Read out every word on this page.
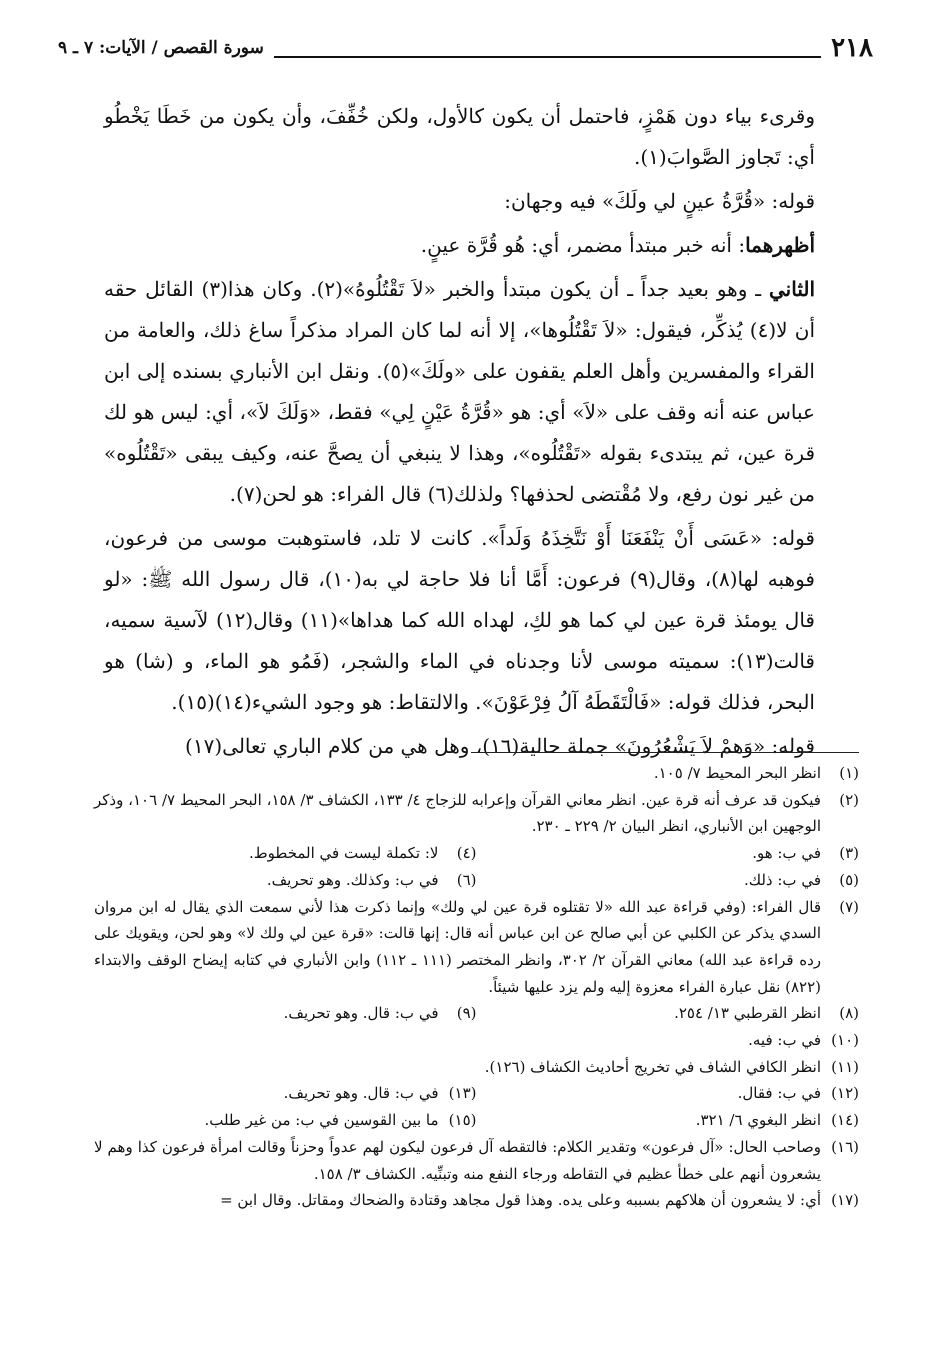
٢١٨
سورة القصص / الآيات: ٧ ـ ٩

وقرىء بياء دون هَمْزٍ، فاحتمل أن يكون كالأول، ولكن خُفِّفَ، وأن يكون من خَطَا يَخْطُو أي: تَجاوز الصَّوابَ(١).

قوله: «قُرَّةُ عينٍ لي ولَكَ» فيه وجهان:

أظهرهما: أنه خبر مبتدأ مضمر، أي: هُو قُرَّة عينٍ.

الثاني ـ وهو بعيد جداً ـ أن يكون مبتدأ والخبر «لاَ تَقْتُلُوهُ»(٢). وكان هذا(٣) القائل حقه أن لا(٤) يُذكِّر، فيقول: «لاَ تَقْتُلُوها»، إلا أنه لما كان المراد مذكراً ساغ ذلك، والعامة من القراء والمفسرين وأهل العلم يقفون على «ولَكَ»(٥). ونقل ابن الأنباري بسنده إلى ابن عباس عنه أنه وقف على «لاَ» أي: هو «قُرَّةُ عَيْنٍ لِي» فقط، «وَلَكَ لاَ»، أي: ليس هو لك قرة عين، ثم يبتدىء بقوله «تَقْتُلُوه»، وهذا لا ينبغي أن يصحَّ عنه، وكيف يبقى «تَقْتُلُوه» من غير نون رفع، ولا مُقْتضى لحذفها؟ ولذلك(٦) قال الفراء: هو لحن(٧).

قوله: «عَسَى أَنْ يَنْفَعَنَا أَوْ نَتَّخِذَهُ وَلَداً». كانت لا تلد، فاستوهبت موسى من فرعون، فوهبه لها(٨)، وقال(٩) فرعون: أَمَّا أنا فلا حاجة لي به(١٠)، قال رسول الله ﷺ: «لو قال يومئذ قرة عين لي كما هو لكِ، لهداه الله كما هداها»(١١) وقال(١٢) لآسية سميه، قالت(١٣): سميته موسى لأنا وجدناه في الماء والشجر، (فَمُو هو الماء، و (شا) هو البحر، فذلك قوله: «فَالْتَقَطَهُ آلُ فِرْعَوْنَ». والالتقاط: هو وجود الشيء(١٤)(١٥).

قوله: «وَهمْ لاَ يَشْعُرُونَ» جملة حالية(١٦)، وهل هي من كلام الباري تعالى(١٧)

(١)
انظر البحر المحيط ٧/ ١٠٥.
(٢)
فيكون قد عرف أنه قرة عين. انظر معاني القرآن وإعرابه للزجاج ٤/ ١٣٣، الكشاف ٣/ ١٥٨، البحر المحيط ٧/ ١٠٦، وذكر الوجهين ابن الأنباري، انظر البيان ٢/ ٢٢٩ ـ ٢٣٠.
(٣)
في ب: هو.
(٤)
لا: تكملة ليست في المخطوط.
(٥)
في ب: ذلك.
(٦)
في ب: وكذلك. وهو تحريف.
(٧)
قال الفراء: (وفي قراءة عبد الله «لا تقتلوه قرة عين لي ولك» وإنما ذكرت هذا لأني سمعت الذي يقال له ابن مروان السدي يذكر عن الكلبي عن أبي صالح عن ابن عباس أنه قال: إنها قالت: «قرة عين لي ولك لا» وهو لحن، ويقويك على رده قراءة عبد الله) معاني القرآن ٢/ ٣٠٢، وانظر المختصر (١١١ ـ ١١٢) وابن الأنباري في كتابه إيضاح الوقف والابتداء (٨٢٢) نقل عبارة الفراء معزوة إليه ولم يزد عليها شيئاً.
(٨)
انظر القرطبي ١٣/ ٢٥٤.
(٩)
في ب: قال. وهو تحريف.
(١٠)
في ب: فيه.
(١١)
انظر الكافي الشاف في تخريج أحاديث الكشاف (١٢٦).
(١٢)
في ب: فقال.
(١٣)
في ب: قال. وهو تحريف.
(١٤)
انظر البغوي ٦/ ٣٢١.
(١٥)
ما بين القوسين في ب: من غير طلب.
(١٦)
وصاحب الحال: «آل فرعون» وتقدير الكلام: فالتقطه آل فرعون ليكون لهم عدواً وحزناً وقالت امرأة فرعون كذا وهم لا يشعرون أنهم على خطأ عظيم في التقاطه ورجاء النفع منه وتبنِّيه. الكشاف ٣/ ١٥٨.
(١٧)
أي: لا يشعرون أن هلاكهم بسببه وعلى يده. وهذا قول مجاهد وقتادة والضحاك ومقاتل. وقال ابن =
